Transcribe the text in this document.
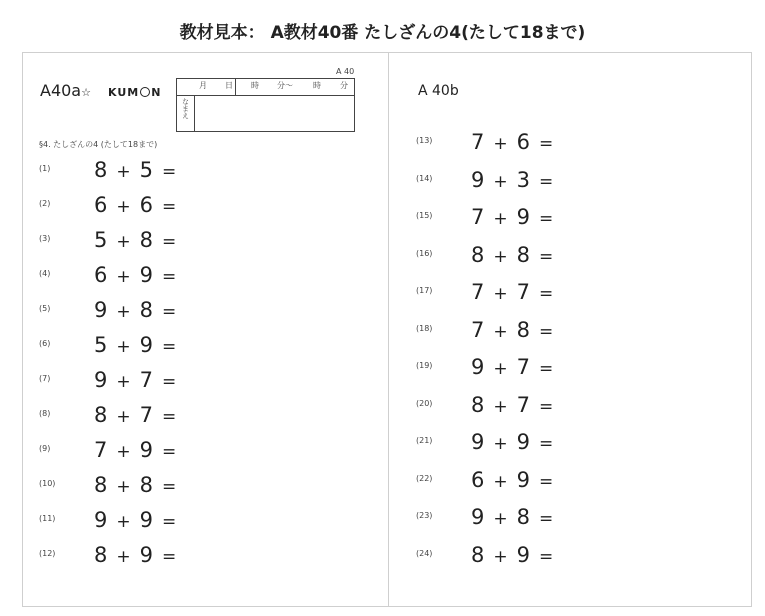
教材見本： A教材40番 たしざんの4(たして18まで)
A40a☆ KUM N
A 40
月 日 時 分〜	時 分
なまえ
§4. たしざんの4 (たして18まで)
(1)	8 + 5 =
(2)	6 + 6 =
(3)	5 + 8 =
(4)	6 + 9 =
(5)	9 + 8 =
(6)	5 + 9 =
(7)	9 + 7 =
(8)	8 + 7 =
(9)	7 + 9 =
(10)	8 + 8 =
(11)	9 + 9 =
(12)	8 + 9 =
A 40b
(13)	7 + 6 =
(14)	9 + 3 =
(15)	7 + 9 =
(16)	8 + 8 =
(17)	7 + 7 =
(18)	7 + 8 =
(19)	9 + 7 =
(20)	8 + 7 =
(21)	9 + 9 =
(22)	6 + 9 =
(23)	9 + 8 =
(24)	8 + 9 =
